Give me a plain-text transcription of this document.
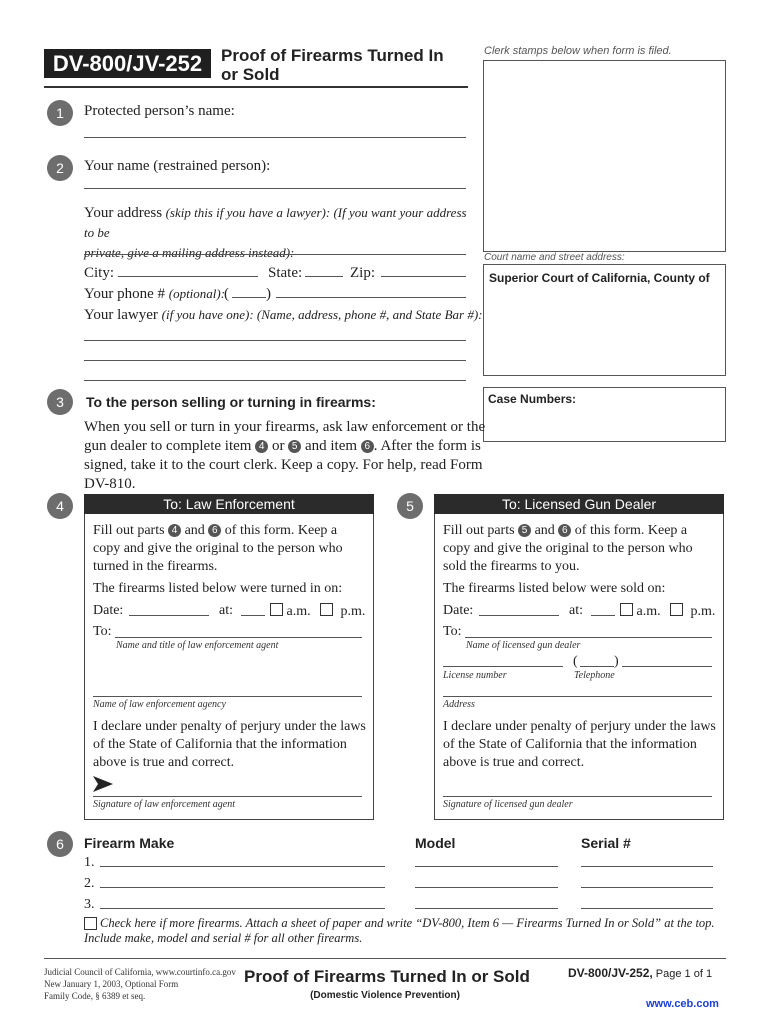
DV-800/JV-252	Proof of Firearms Turned In
or Sold
Clerk stamps below when form is filed.
Court name and street address:
Superior Court of California, County of
Case Numbers:
1	Protected person’s name:
2	Your name (restrained person):
Your address (skip this if you have a lawyer): (If you want your address to be
private, give a mailing address instead):
City:	State:	Zip:
Your phone # (optional):
( )
Your lawyer (if you have one): (Name, address, phone #, and State Bar #):
3	To the person selling or turning in firearms:
When you sell or turn in your firearms, ask law enforcement or the
gun dealer to complete item 4 or 5 and item 6 . After the form is
signed, take it to the court clerk. Keep a copy. For help, read Form DV-810.
4	To: Law Enforcement
Fill out parts 4 and 6 of this form. Keep a
copy and give the original to the person who
turned in the firearms.
The firearms listed below were turned in on:
Date:	at:	a.m.	p.m.
To:
Name and title of law enforcement agent
Name of law enforcement agency
I declare under penalty of perjury under the laws
of the State of California that the information
above is true and correct.
Signature of law enforcement agent
5	To: Licensed Gun Dealer
Fill out parts 5 and 6 of this form. Keep a
copy and give the original to the person who
sold the firearms to you.
The firearms listed below were sold on:
Date:	at:	a.m.	p.m.
To:
Name of licensed gun dealer
(	)
License number	Telephone
Address
I declare under penalty of perjury under the laws
of the State of California that the information
above is true and correct.
Signature of licensed gun dealer
6	Firearm Make	Model	Serial #
1.
2.
3.
Check here if more firearms. Attach a sheet of paper and write “DV-800, Item 6 — Firearms Turned In or Sold” at the top.
Include make, model and serial # for all other firearms.
Judicial Council of California, www.courtinfo.ca.gov
New January 1, 2003, Optional Form
Family Code, § 6389 et seq.
Proof of Firearms Turned In or Sold
(Domestic Violence Prevention)
DV-800/JV-252, Page 1 of 1
www.ceb.com
